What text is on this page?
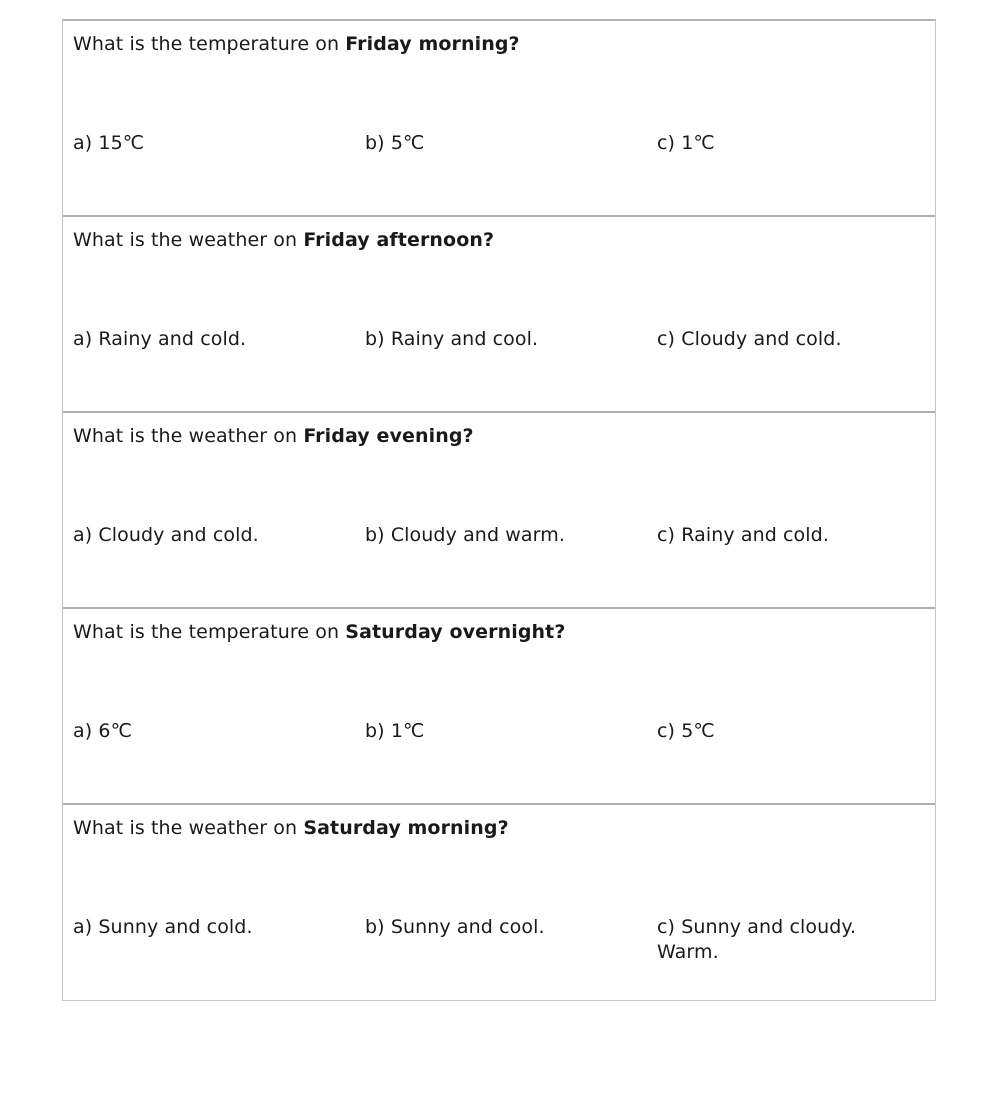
What is the temperature on Friday morning?
a) 15℃	b) 5℃	c) 1℃
What is the weather on Friday afternoon?
a) Rainy and cold.	b) Rainy and cool.	c) Cloudy and cold.
What is the weather on Friday evening?
a) Cloudy and cold.	b) Cloudy and warm.	c) Rainy and cold.
What is the temperature on Saturday overnight?
a) 6℃	b) 1℃	c) 5℃
What is the weather on Saturday morning?
a) Sunny and cold.	b) Sunny and cool.	c) Sunny and cloudy. Warm.
